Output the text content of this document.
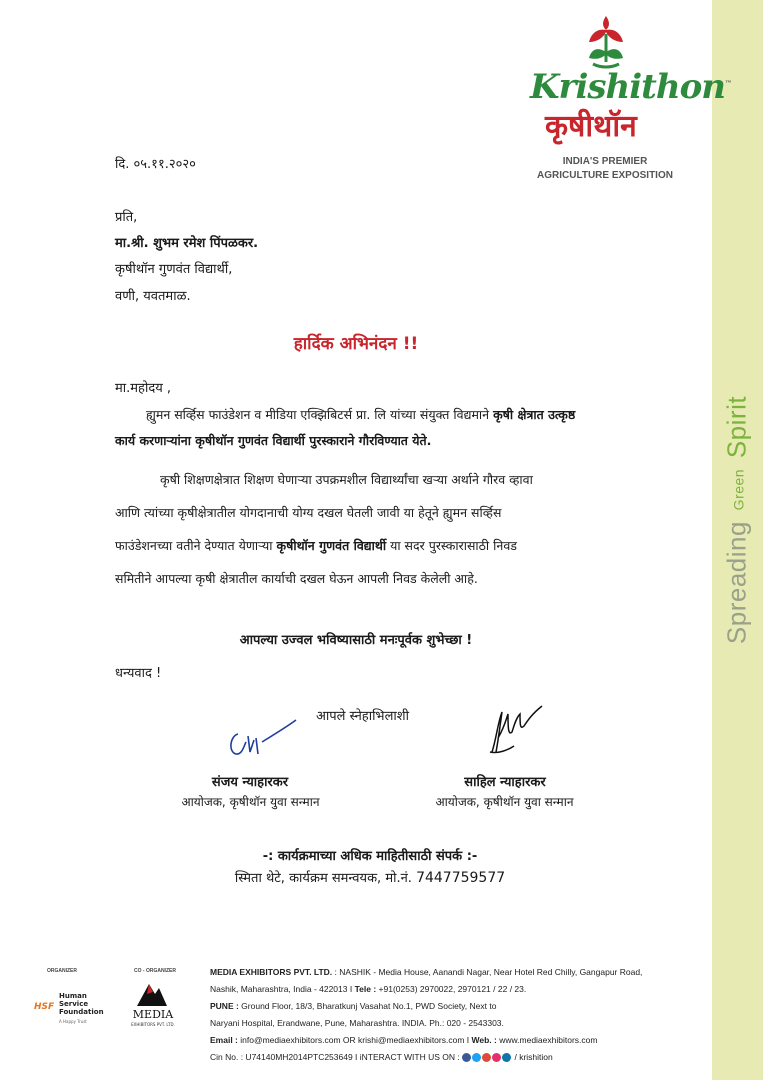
Spreading Green Spirit
Krishithon™
कृषीथॉन
INDIA'S PREMIER
AGRICULTURE EXPOSITION
दि. ०५.११.२०२०
प्रति,
मा.श्री. शुभम रमेश पिंपळकर.
कृषीथॉन गुणवंत विद्यार्थी,
वणी, यवतमाळ.
हार्दिक अभिनंदन !!
मा.महोदय ,
ह्युमन सर्व्हिस फाउंडेशन व मीडिया एक्झिबिटर्स प्रा. लि यांच्या संयुक्त विद्यमाने कृषी क्षेत्रात उत्कृष्ठ
कार्य करणाऱ्यांना कृषीथॉन गुणवंत विद्यार्थी पुरस्काराने गौरविण्यात येते.
कृषी शिक्षणक्षेत्रात शिक्षण घेणाऱ्या उपक्रमशील विद्यार्थ्यांचा खऱ्या अर्थाने गौरव व्हावा
आणि त्यांच्या कृषीक्षेत्रातील योगदानाची योग्य दखल घेतली जावी या हेतूने ह्युमन सर्व्हिस
फाउंडेशनच्या वतीने देण्यात येणाऱ्या कृषीथॉन गुणवंत विद्यार्थी या सदर पुरस्कारासाठी निवड
समितीने आपल्या कृषी क्षेत्रातील कार्याची दखल घेऊन आपली निवड केलेली आहे.
आपल्या उज्वल भविष्यासाठी मनःपूर्वक शुभेच्छा !
धन्यवाद !
आपले स्नेहाभिलाशी
संजय न्याहारकर
आयोजक, कृषीथॉन युवा सन्मान
साहिल न्याहारकर
आयोजक, कृषीथॉन युवा सन्मान
-: कार्यक्रमाच्या अधिक माहितीसाठी संपर्क :-
स्मिता थेटे, कार्यक्रम समन्वयक, मो.नं. 7447759577
ORGANIZER	CO - ORGANIZER
HSF
Human Service Foundation
A Happy Trust
MEDIA
EXHIBITORS PVT. LTD.
MEDIA EXHIBITORS PVT. LTD. : NASHIK - Media House, Aanandi Nagar, Near Hotel Red Chilly, Gangapur Road,
Nashik, Maharashtra, India - 422013 I Tele : +91(0253) 2970022, 2970121 / 22 / 23.
PUNE : Ground Floor, 18/3, Bharatkunj Vasahat No.1, PWD Society, Next to
Naryani Hospital, Erandwane, Pune, Maharashtra. INDIA. Ph.: 020 - 2543303.
Email : info@mediaexhibitors.com OR krishi@mediaexhibitors.com I Web. : www.mediaexhibitors.com
Cin No. : U74140MH2014PTC253649 I iNTERACT WITH US ON :	/ krishition
